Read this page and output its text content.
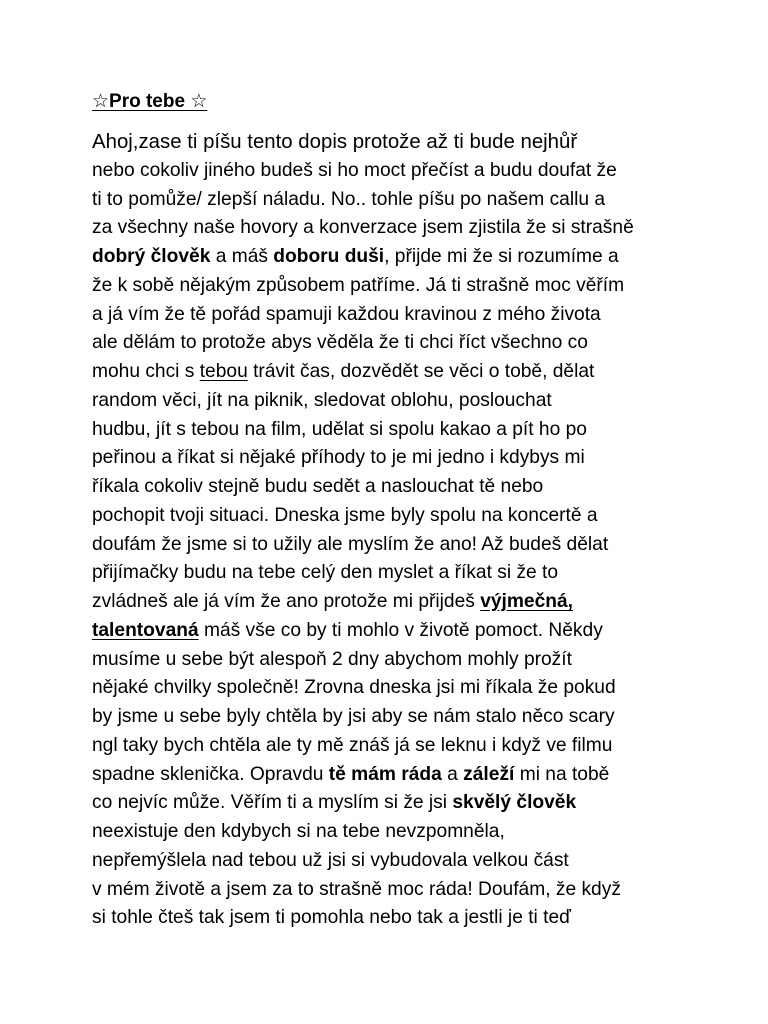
☆Pro tebe ☆
Ahoj,zase ti píšu tento dopis protože až ti bude nejhůř
nebo cokoliv jiného budeš si ho moct přečíst a budu doufat že
ti to pomůže/ zlepší náladu. No.. tohle píšu po našem callu a
za všechny naše hovory a konverzace jsem zjistila že si strašně
dobrý člověk a máš doboru duši, přijde mi že si rozumíme a
že k sobě nějakým způsobem patříme. Já ti strašně moc věřím
a já vím že tě pořád spamuji každou kravinou z mého života
ale dělám to protože abys věděla že ti chci říct všechno co
mohu chci s tebou trávit čas, dozvědět se věci o tobě, dělat
random věci, jít na piknik, sledovat oblohu, poslouchat
hudbu, jít s tebou na film, udělat si spolu kakao a pít ho po
peřinou a říkat si nějaké příhody to je mi jedno i kdybys mi
říkala cokoliv stejně budu sedět a naslouchat tě nebo
pochopit tvoji situaci. Dneska jsme byly spolu na koncertě a
doufám že jsme si to užily ale myslím že ano! Až budeš dělat
přijímačky budu na tebe celý den myslet a říkat si že to
zvládneš ale já vím že ano protože mi přijdeš výjmečná,
talentovaná máš vše co by ti mohlo v životě pomoct. Někdy
musíme u sebe být alespoň 2 dny abychom mohly prožít
nějaké chvilky společně! Zrovna dneska jsi mi říkala že pokud
by jsme u sebe byly chtěla by jsi aby se nám stalo něco scary
ngl taky bych chtěla ale ty mě znáš já se leknu i když ve filmu
spadne sklenička. Opravdu tě mám ráda a záleží mi na tobě
co nejvíc může. Věřím ti a myslím si že jsi skvělý člověk
neexistuje den kdybych si na tebe nevzpomněla,
nepřemýšlela nad tebou už jsi si vybudovala velkou část
v mém životě a jsem za to strašně moc ráda! Doufám, že když
si tohle čteš tak jsem ti pomohla nebo tak a jestli je ti teď
